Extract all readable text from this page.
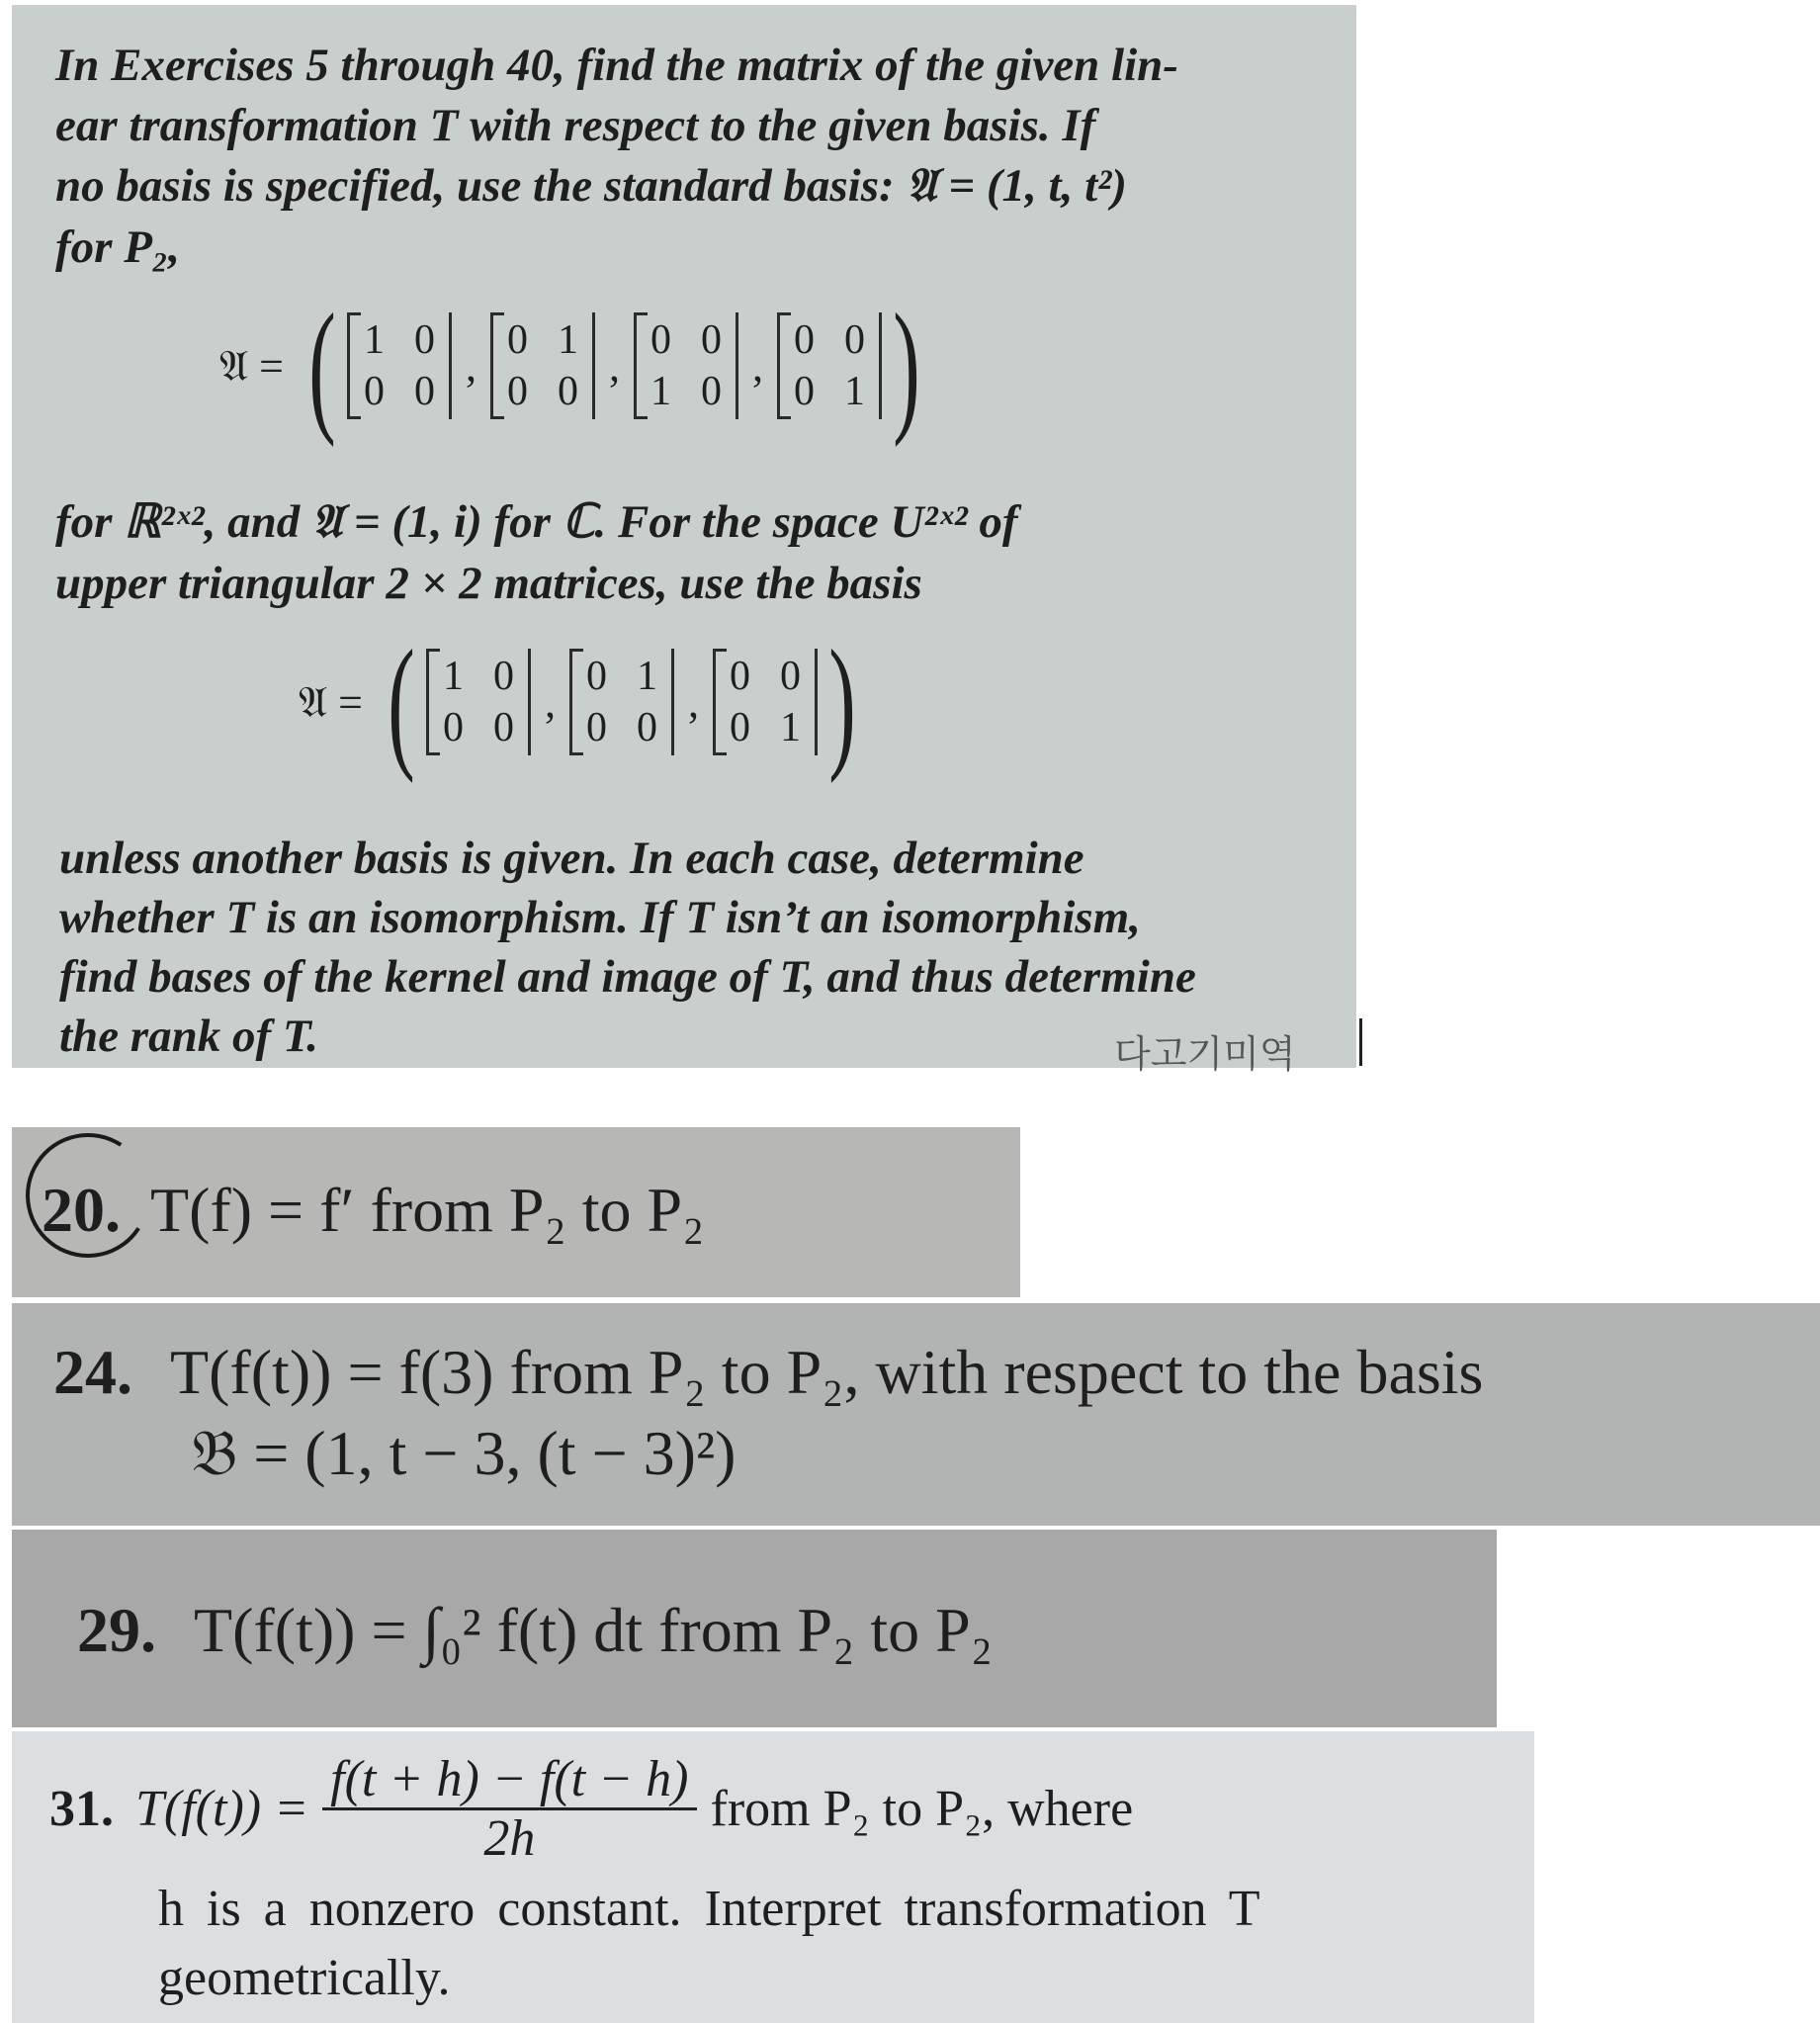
In Exercises 5 through 40, find the matrix of the given lin-
ear transformation T with respect to the given basis. If
no basis is specified, use the standard basis: 𝔄 = (1, t, t²)
for P₂,
𝔄 = ( 1 0
0 0
,
0 1
0 0
,
0 0
1 0
,
0 0
0 1 )
for ℝ²ˣ², and 𝔄 = (1, i) for ℂ. For the space U²ˣ² of
upper triangular 2 × 2 matrices, use the basis
𝔄 = ( 1 0
0 0
,
0 1
0 0
,
0 0
0 1 )
unless another basis is given. In each case, determine
whether T is an isomorphism. If T isn’t an isomorphism,
find bases of the kernel and image of T, and thus determine
the rank of T.	다고기미역
20. T(f) = f′ from P₂ to P₂
24. T(f(t)) = f(3) from P₂ to P₂, with respect to the basis
𝔅 = (1, t − 3, (t − 3)²)
29. T(f(t)) = ∫₀² f(t) dt from P₂ to P₂
31. $T(f(t)) = \frac{f(t + h) - f(t - h)}{2h}$ from P₂ to P₂, where
h is a nonzero constant. Interpret transformation T
geometrically.
